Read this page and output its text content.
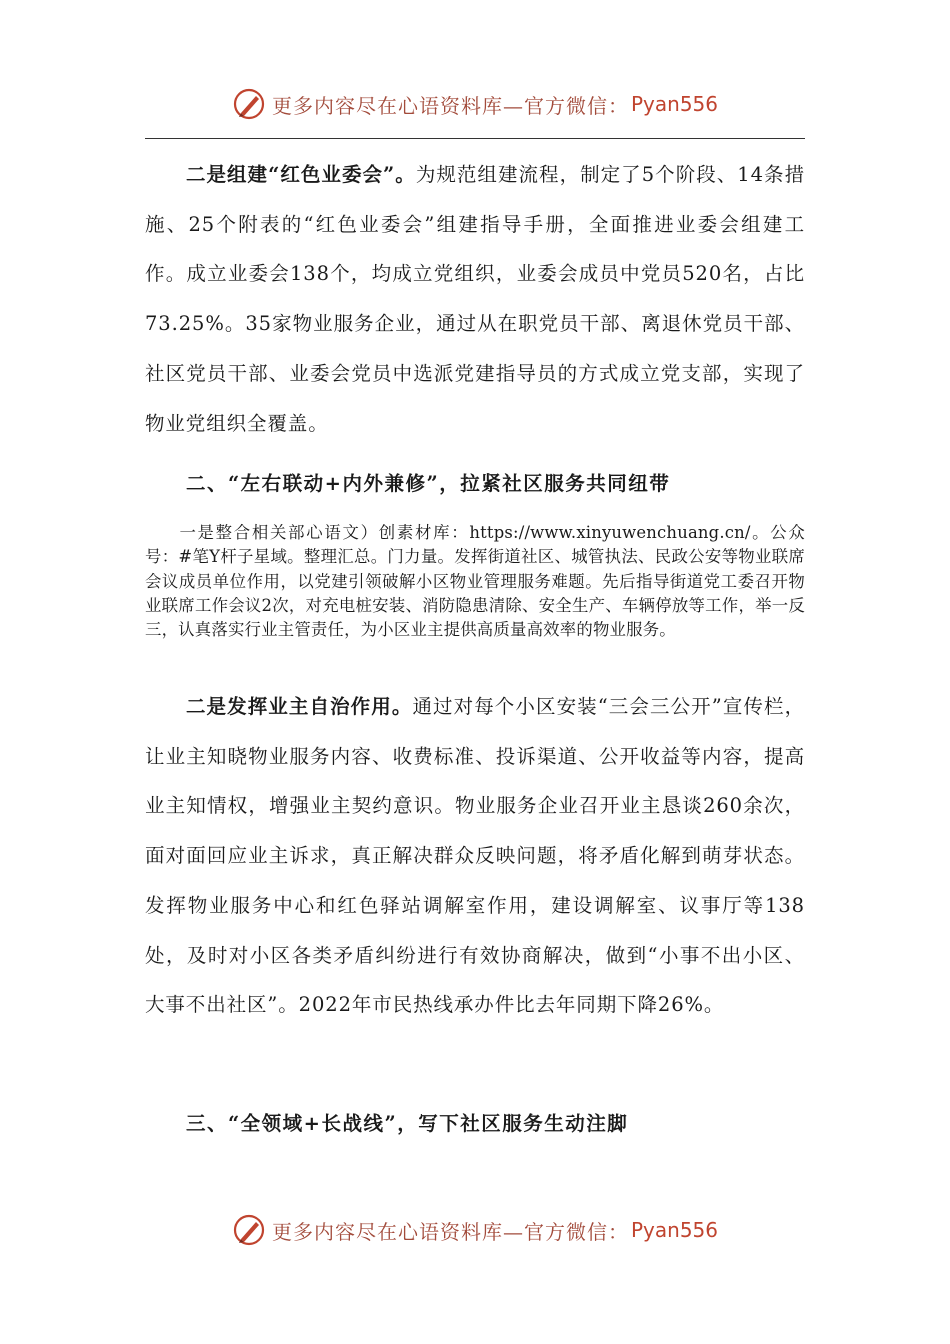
更多内容尽在心语资料库—官方微信： Pyan556

二是组建“红色业委会”。为规范组建流程，制定了5个阶段、14条措施、25个附表的“红色业委会”组建指导手册，全面推进业委会组建工作。成立业委会138个，均成立党组织，业委会成员中党员520名，占比73.25%。35家物业服务企业，通过从在职党员干部、离退休党员干部、社区党员干部、业委会党员中选派党建指导员的方式成立党支部，实现了物业党组织全覆盖。

二、“左右联动+内外兼修”，拉紧社区服务共同纽带

一是整合相关部心语文）创素材库：https://www.xinyuwenchuang.cn/。公众号：#笔Y杆子星域。整理汇总。门力量。发挥街道社区、城管执法、民政公安等物业联席会议成员单位作用，以党建引领破解小区物业管理服务难题。先后指导街道党工委召开物业联席工作会议2次，对充电桩安装、消防隐患清除、安全生产、车辆停放等工作，举一反三，认真落实行业主管责任，为小区业主提供高质量高效率的物业服务。

二是发挥业主自治作用。通过对每个小区安装“三会三公开”宣传栏，让业主知晓物业服务内容、收费标准、投诉渠道、公开收益等内容，提高业主知情权，增强业主契约意识。物业服务企业召开业主恳谈260余次，面对面回应业主诉求，真正解决群众反映问题，将矛盾化解到萌芽状态。发挥物业服务中心和红色驿站调解室作用，建设调解室、议事厅等138处，及时对小区各类矛盾纠纷进行有效协商解决，做到“小事不出小区、大事不出社区”。2022年市民热线承办件比去年同期下降26%。

三、“全领域+长战线”，写下社区服务生动注脚

更多内容尽在心语资料库—官方微信： Pyan556
